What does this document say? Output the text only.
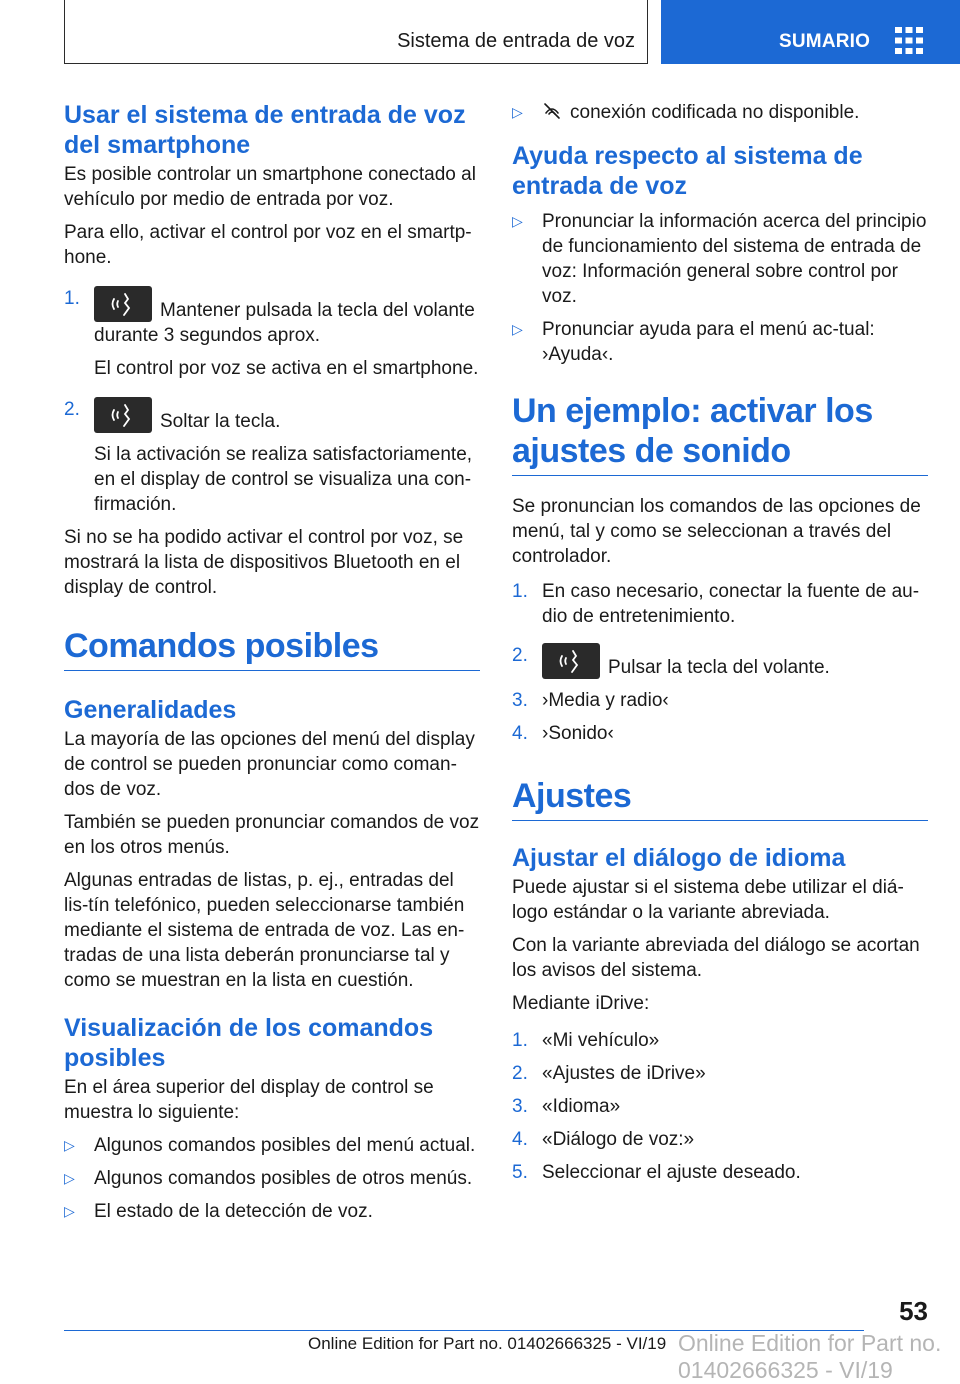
Sistema de entrada de voz	SUMARIO
Usar el sistema de entrada de voz del smartphone

Es posible controlar un smartphone conectado al vehículo por medio de entrada por voz.

Para ello, activar el control por voz en el smartp‐hone.

1.
Mantener pulsada la tecla del volante durante 3 segundos aprox.
El control por voz se activa en el smartphone.
2.
Soltar la tecla.
Si la activación se realiza satisfactoriamente, en el display de control se visualiza una con‐firmación.

Si no se ha podido activar el control por voz, se mostrará la lista de dispositivos Bluetooth en el display de control.

Comandos posibles
Generalidades

La mayoría de las opciones del menú del display de control se pueden pronunciar como coman‐dos de voz.

También se pueden pronunciar comandos de voz en los otros menús.

Algunas entradas de listas, p. ej., entradas del lis‐tín telefónico, pueden seleccionarse también mediante el sistema de entrada de voz. Las en‐tradas de una lista deberán pronunciarse tal y como se muestran en la lista en cuestión.

Visualización de los comandos posibles

En el área superior del display de control se muestra lo siguiente:

▷	Algunos comandos posibles del menú actual.
▷	Algunos comandos posibles de otros menús.
▷	El estado de la detección de voz.
▷	conexión codificada no disponible.
Ayuda respecto al sistema de entrada de voz
▷	Pronunciar la información acerca del principio de funcionamiento del sistema de entrada de voz: Información general sobre control por voz.
▷	Pronunciar ayuda para el menú ac‐tual: ›Ayuda‹.
Un ejemplo: activar los ajustes de sonido

Se pronuncian los comandos de las opciones de menú, tal y como se seleccionan a través del controlador.

1. En caso necesario, conectar la fuente de au‐dio de entretenimiento.
2.
Pulsar la tecla del volante.
3. ›Media y radio‹
4. ›Sonido‹
Ajustes
Ajustar el diálogo de idioma

Puede ajustar si el sistema debe utilizar el diá‐logo estándar o la variante abreviada.

Con la variante abreviada del diálogo se acortan los avisos del sistema.

Mediante iDrive:

1. «Mi vehículo»
2. «Ajustes de iDrive»
3. «Idioma»
4. «Diálogo de voz:»
5. Seleccionar el ajuste deseado.
53
Online Edition for Part no. 01402666325 - VI/19 Online Edition for Part no. 01402666325 - VI/19
